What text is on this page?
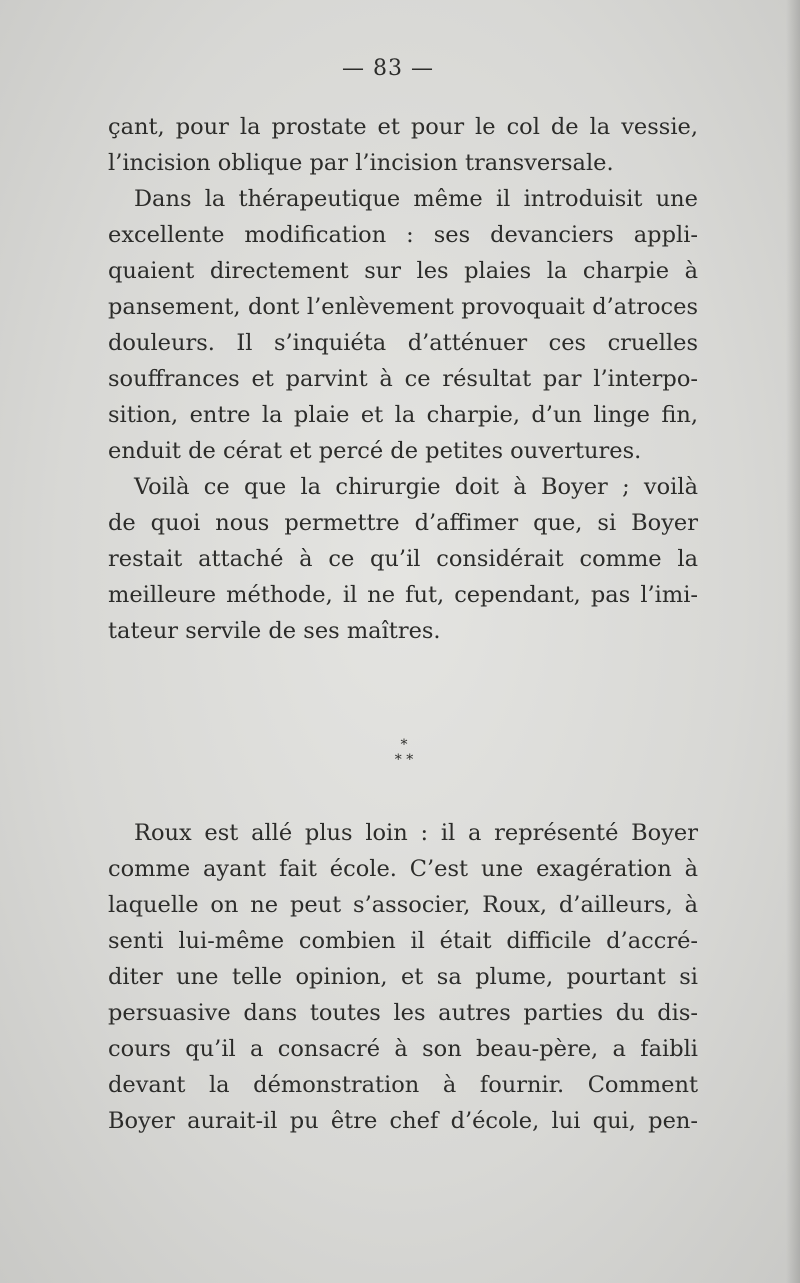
— 83 —
çant, pour la prostate et pour le col de la vessie,
l’incision oblique par l’incision transversale.
Dans la thérapeutique même il introduisit une
excellente modification : ses devanciers appli-
quaient directement sur les plaies la charpie à
pansement, dont l’enlèvement provoquait d’atroces
douleurs. Il s’inquiéta d’atténuer ces cruelles
souffrances et parvint à ce résultat par l’interpo-
sition, entre la plaie et la charpie, d’un linge fin,
enduit de cérat et percé de petites ouvertures.
Voilà ce que la chirurgie doit à Boyer ; voilà
de quoi nous permettre d’affimer que, si Boyer
restait attaché à ce qu’il considérait comme la
meilleure méthode, il ne fut, cependant, pas l’imi-
tateur servile de ses maîtres.
*
* *
Roux est allé plus loin : il a représenté Boyer
comme ayant fait école. C’est une exagération à
laquelle on ne peut s’associer, Roux, d’ailleurs, à
senti lui-même combien il était difficile d’accré-
diter une telle opinion, et sa plume, pourtant si
persuasive dans toutes les autres parties du dis-
cours qu’il a consacré à son beau-père, a faibli
devant la démonstration à fournir. Comment
Boyer aurait-il pu être chef d’école, lui qui, pen-
